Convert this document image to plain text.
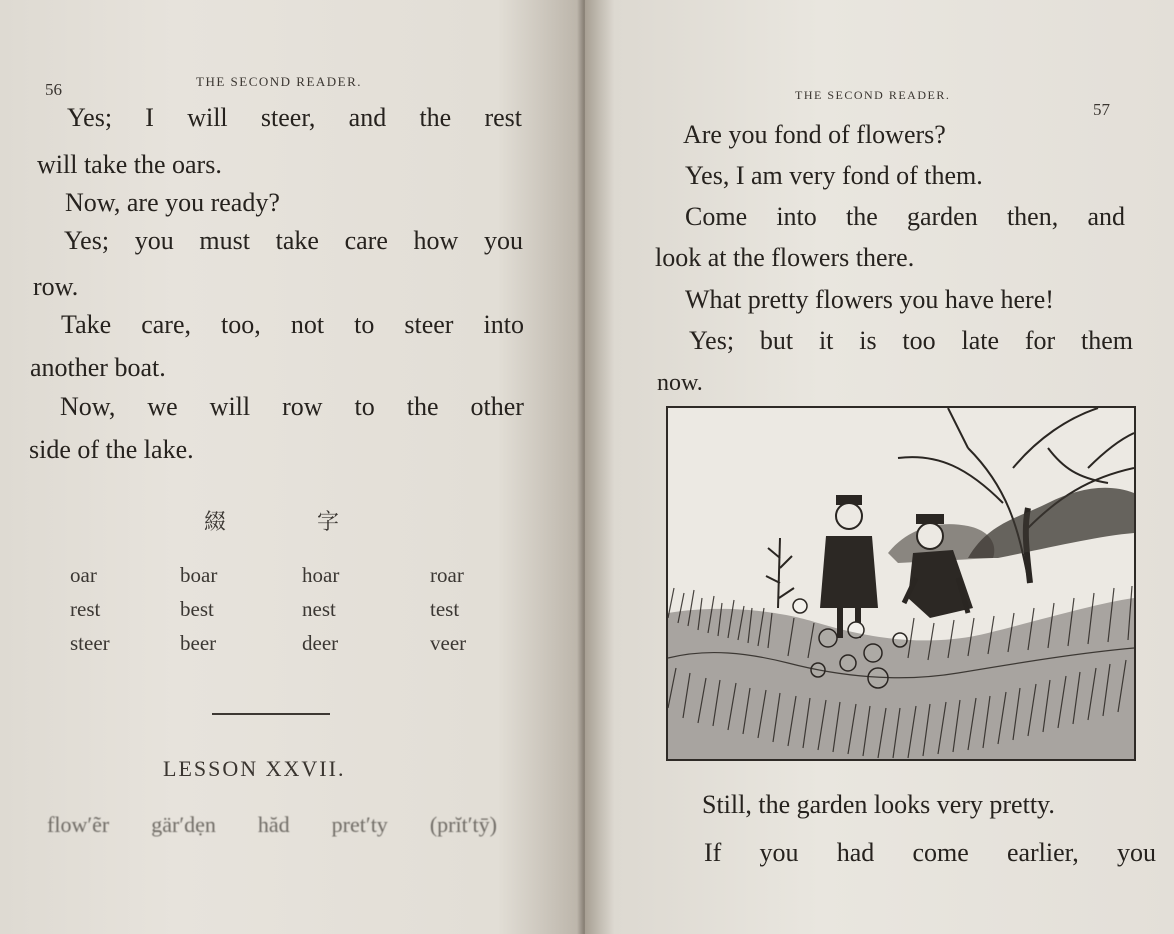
56	THE SECOND READER.
Yes; I will steer, and the rest
will take the oars.
Now, are you ready?
Yes; you must take care how you
row.
Take care, too, not to steer into
another boat.
Now, we will row to the other
side of the lake.
綴	字
oar	boar	hoar	roar
rest	best	nest	test
steer	beer	deer	veer
LESSON XXVII.
flow′ẽr gär′dẹn hăd pret′ty (prĭt′tȳ)
THE SECOND READER.
57
Are you fond of flowers?
Yes, I am very fond of them.
Come into the garden then, and
look at the flowers there.
What pretty flowers you have here!
Yes; but it is too late for them
now.
Still, the garden looks very pretty.
If you had come earlier, you
